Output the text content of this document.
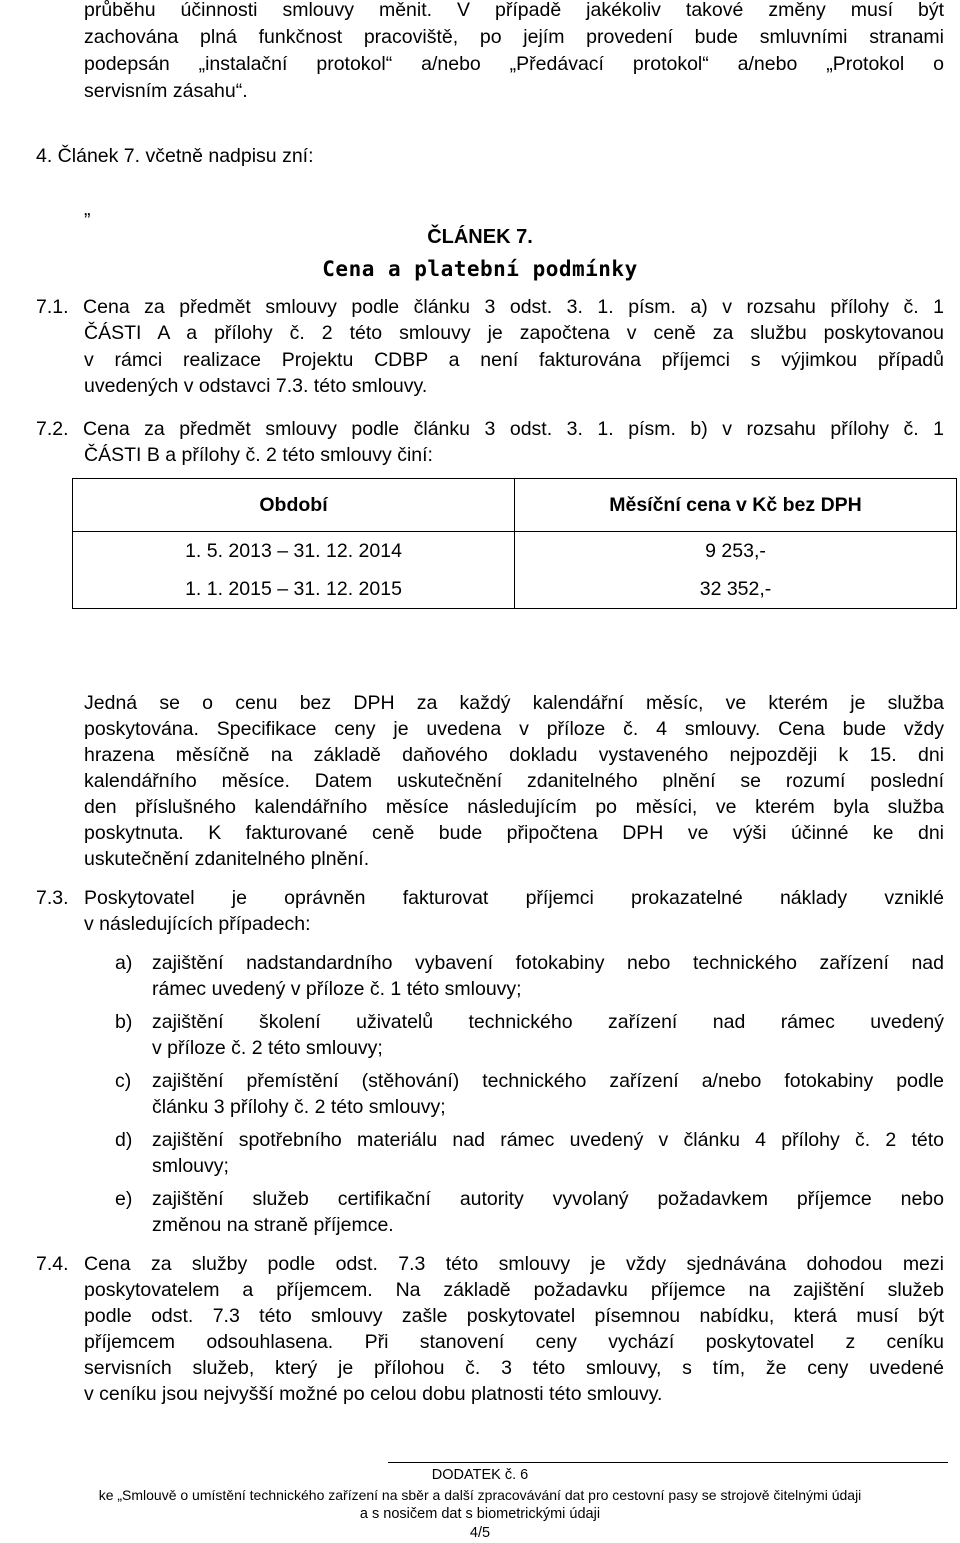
průběhu účinnosti smlouvy měnit. V případě jakékoliv takové změny musí být
zachována plná funkčnost pracoviště, po jejím provedení bude smluvními stranami
podepsán „instalační protokol“ a/nebo „Předávací protokol“ a/nebo „Protokol o
servisním zásahu“.
4. Článek 7. včetně nadpisu zní:
„
ČLÁNEK 7.
Cena a platební podmínky
7.1. Cena za předmět smlouvy podle článku 3 odst. 3. 1. písm. a) v rozsahu přílohy č. 1
ČÁSTI A a přílohy č. 2 této smlouvy je započtena v ceně za službu poskytovanou
v rámci realizace Projektu CDBP a není fakturována příjemci s výjimkou případů
uvedených v odstavci 7.3. této smlouvy.
7.2. Cena za předmět smlouvy podle článku 3 odst. 3. 1. písm. b) v rozsahu přílohy č. 1
ČÁSTI B a přílohy č. 2 této smlouvy činí:
Období	Měsíční cena v Kč bez DPH
1. 5. 2013 – 31. 12. 2014	9 253,-
1. 1. 2015 – 31. 12. 2015	32 352,-
Jedná se o cenu bez DPH za každý kalendářní měsíc, ve kterém je služba
poskytována. Specifikace ceny je uvedena v příloze č. 4 smlouvy. Cena bude vždy
hrazena měsíčně na základě daňového dokladu vystaveného nejpozději k 15. dni
kalendářního měsíce. Datem uskutečnění zdanitelného plnění se rozumí poslední
den příslušného kalendářního měsíce následujícím po měsíci, ve kterém byla služba
poskytnuta. K fakturované ceně bude připočtena DPH ve výši účinné ke dni
uskutečnění zdanitelného plnění.
7.3. Poskytovatel je oprávněn fakturovat příjemci prokazatelné náklady vzniklé
v následujících případech:
a) zajištění nadstandardního vybavení fotokabiny nebo technického zařízení nad
rámec uvedený v příloze č. 1 této smlouvy;
b) zajištění školení uživatelů technického zařízení nad rámec uvedený
v příloze č. 2 této smlouvy;
c) zajištění přemístění (stěhování) technického zařízení a/nebo fotokabiny podle
článku 3 přílohy č. 2 této smlouvy;
d) zajištění spotřebního materiálu nad rámec uvedený v článku 4 přílohy č. 2 této
smlouvy;
e) zajištění služeb certifikační autority vyvolaný požadavkem příjemce nebo
změnou na straně příjemce.
7.4. Cena za služby podle odst. 7.3 této smlouvy je vždy sjednávána dohodou mezi
poskytovatelem a příjemcem. Na základě požadavku příjemce na zajištění služeb
podle odst. 7.3 této smlouvy zašle poskytovatel písemnou nabídku, která musí být
příjemcem odsouhlasena. Při stanovení ceny vychází poskytovatel z ceníku
servisních služeb, který je přílohou č. 3 této smlouvy, s tím, že ceny uvedené
v ceníku jsou nejvyšší možné po celou dobu platnosti této smlouvy.
DODATEK č. 6
ke „Smlouvě o umístění technického zařízení na sběr a další zpracovávání dat pro cestovní pasy se strojově čitelnými údaji
a s nosičem dat s biometrickými údaji
4/5
